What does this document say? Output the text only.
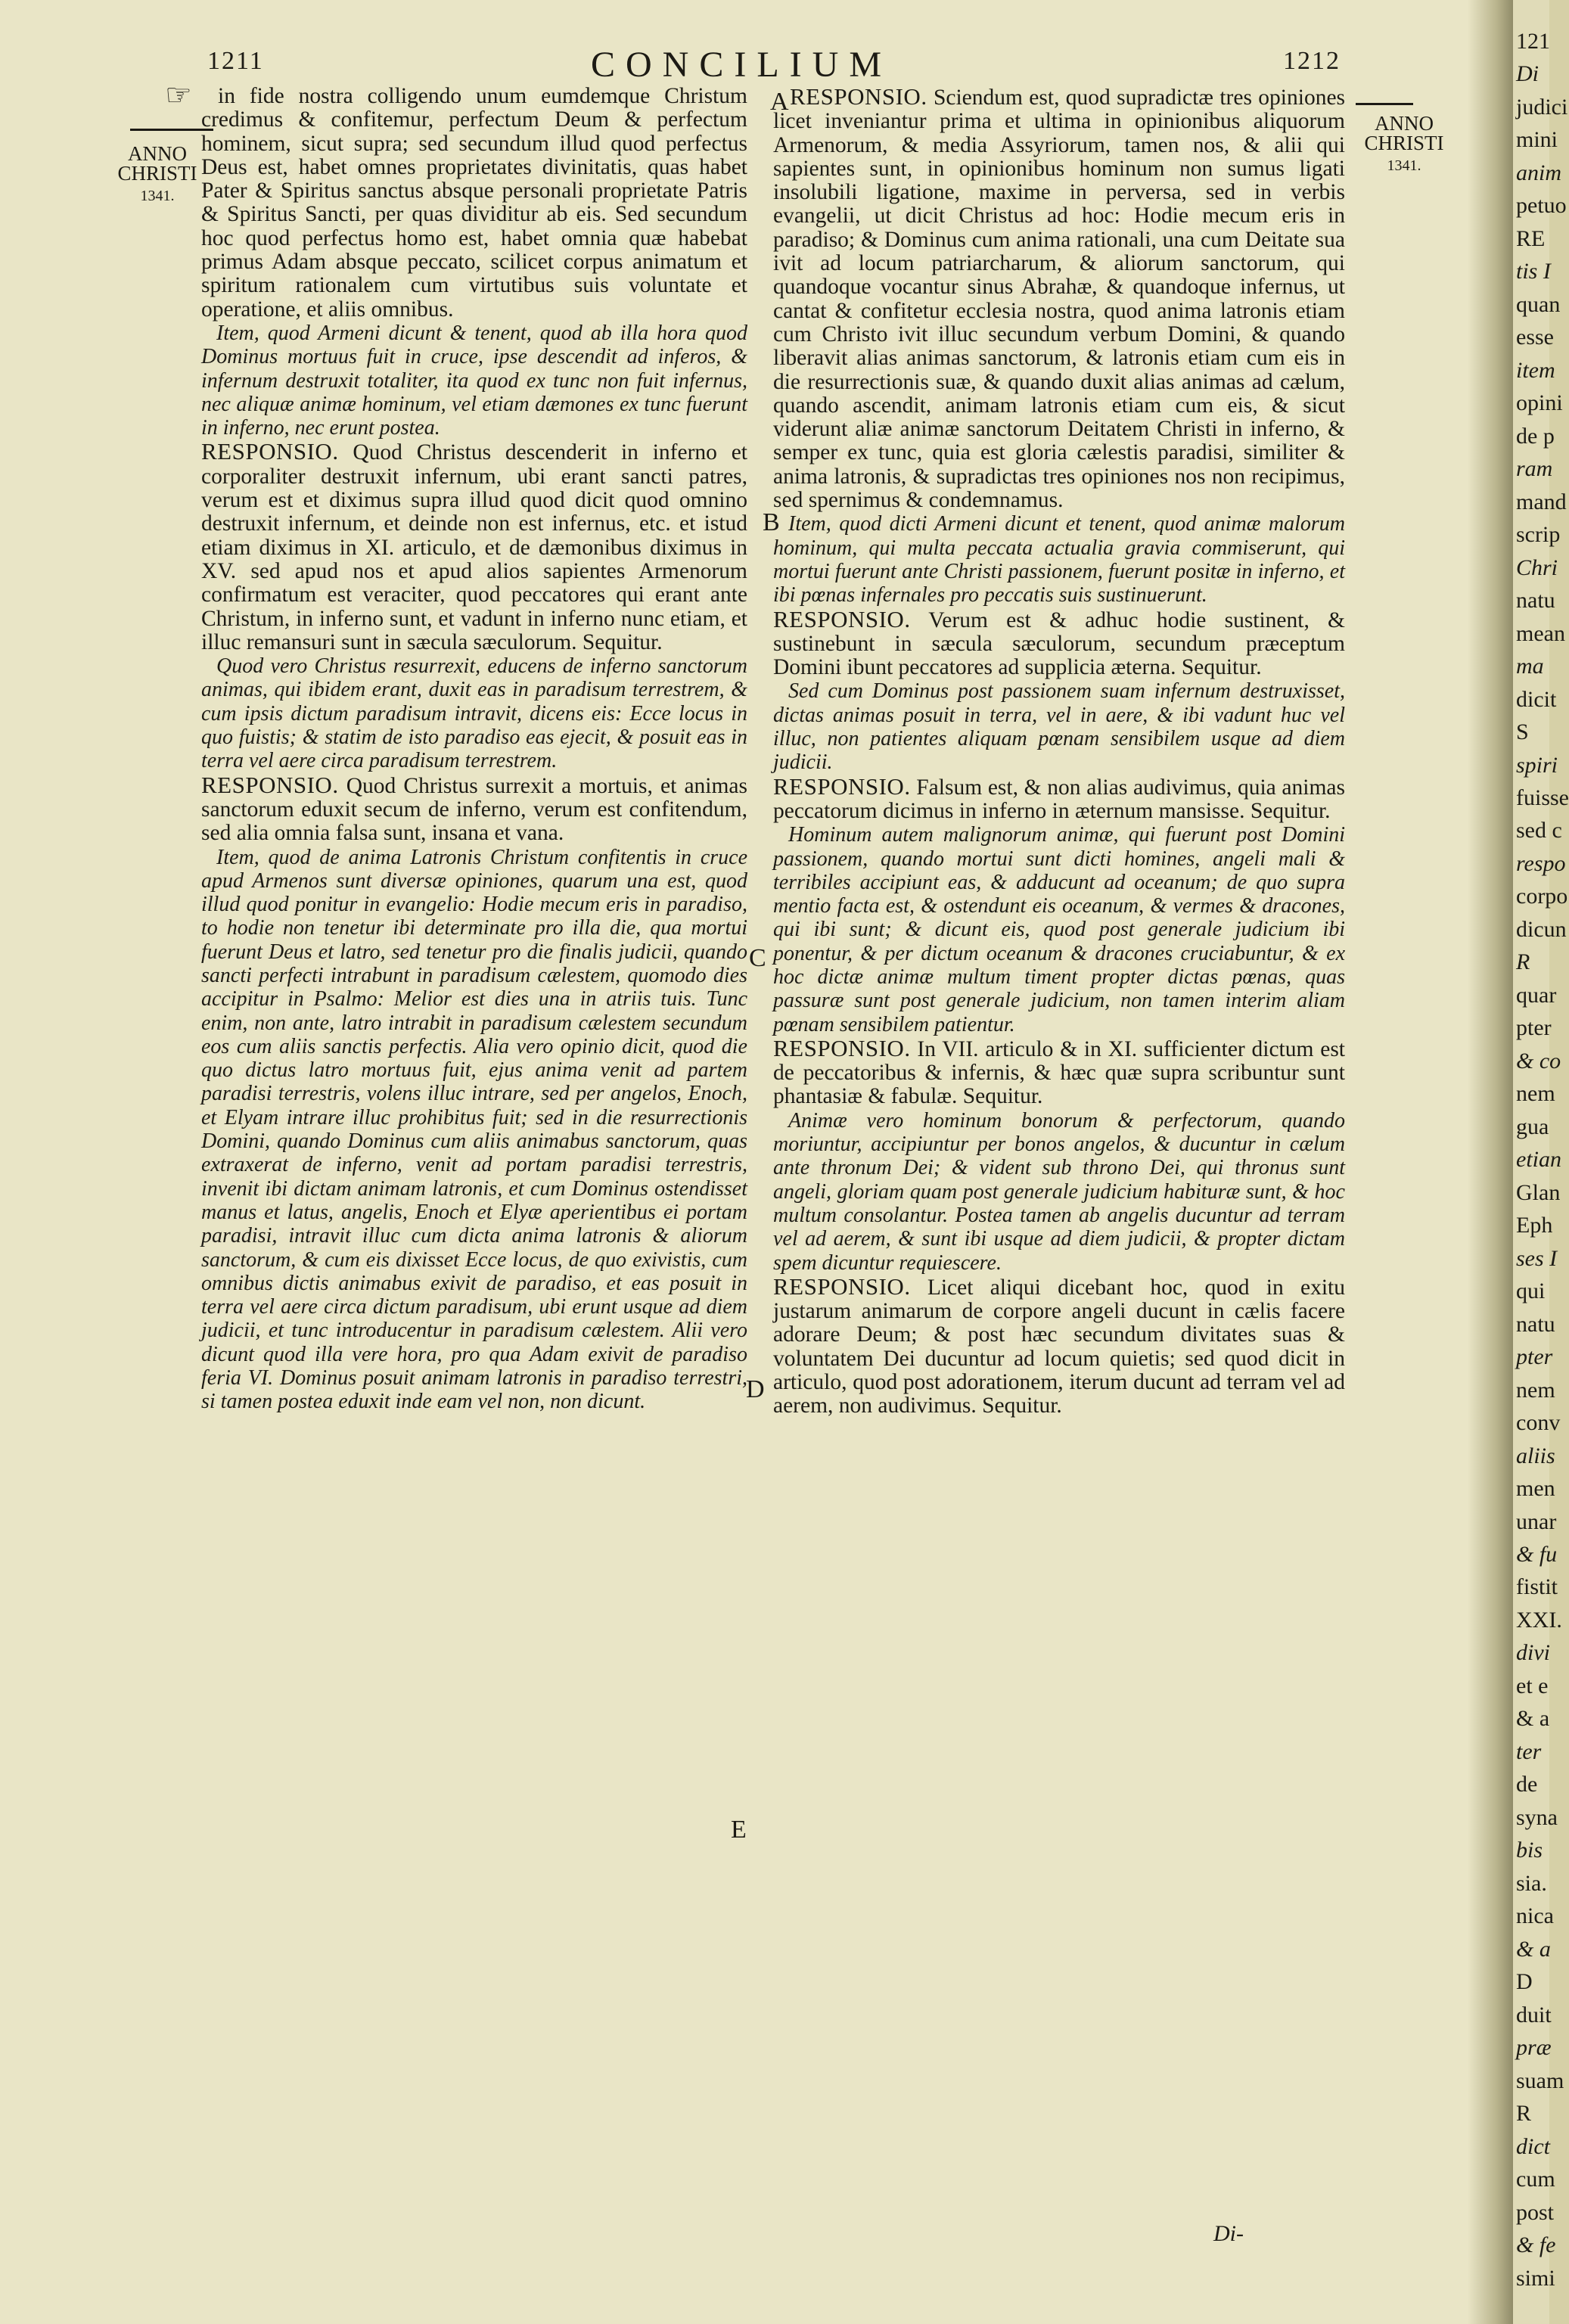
121
Di
judici
mini
anim
petuo
RE
tis I
quan
esse
item
opini
de p
ram
mand
scrip
Chri
natu
mean
ma
dicit
S
spiri
fuisse
sed c
respo
corpo
dicun
R
quar
pter
& co
nem
gua
etian
Glan
Eph
ses I
qui
natu
pter
nem
conv
aliis
men
unar
& fu
fistit
XXI.
divi
et e
& a
ter
de
syna
bis
sia.
nica
& a
D
duit
præ
suam
R
dict
cum
post
& fe
simi
1211	CONCILIUM	1212
☞
ANNO CHRISTI
1341.
ANNO CHRISTI
1341.
A
B
C
D
E

in fide nostra colligendo unum eumdemque Christum credimus & confitemur, perfectum Deum & perfectum hominem, sicut supra; sed secundum illud quod perfectus Deus est, habet omnes proprietates divinitatis, quas habet Pater & Spiritus sanctus absque personali proprietate Patris & Spiritus Sancti, per quas dividitur ab eis. Sed secundum hoc quod perfectus homo est, habet omnia quæ habebat primus Adam absque peccato, scilicet corpus animatum et spiritum rationalem cum virtutibus suis voluntate et operatione, et aliis omnibus.

Item, quod Armeni dicunt & tenent, quod ab illa hora quod Dominus mortuus fuit in cruce, ipse descendit ad inferos, & infernum destruxit totaliter, ita quod ex tunc non fuit infernus, nec aliquæ animæ hominum, vel etiam dæmones ex tunc fuerunt in inferno, nec erunt postea.

RESPONSIO. Quod Christus descenderit in inferno et corporaliter destruxit infernum, ubi erant sancti patres, verum est et diximus supra illud quod dicit quod omnino destruxit infernum, et deinde non est infernus, etc. et istud etiam diximus in XI. articulo, et de dæmonibus diximus in XV. sed apud nos et apud alios sapientes Armenorum confirmatum est veraciter, quod peccatores qui erant ante Christum, in inferno sunt, et vadunt in inferno nunc etiam, et illuc remansuri sunt in sæcula sæculorum. Sequitur.

Quod vero Christus resurrexit, educens de inferno sanctorum animas, qui ibidem erant, duxit eas in paradisum terrestrem, & cum ipsis dictum paradisum intravit, dicens eis: Ecce locus in quo fuistis; & statim de isto paradiso eas ejecit, & posuit eas in terra vel aere circa paradisum terrestrem.

RESPONSIO. Quod Christus surrexit a mortuis, et animas sanctorum eduxit secum de inferno, verum est confitendum, sed alia omnia falsa sunt, insana et vana.

Item, quod de anima Latronis Christum confitentis in cruce apud Armenos sunt diversæ opiniones, quarum una est, quod illud quod ponitur in evangelio: Hodie mecum eris in paradiso, to hodie non tenetur ibi determinate pro illa die, qua mortui fuerunt Deus et latro, sed tenetur pro die finalis judicii, quando sancti perfecti intrabunt in paradisum cælestem, quomodo dies accipitur in Psalmo: Melior est dies una in atriis tuis. Tunc enim, non ante, latro intrabit in paradisum cælestem secundum eos cum aliis sanctis perfectis. Alia vero opinio dicit, quod die quo dictus latro mortuus fuit, ejus anima venit ad partem paradisi terrestris, volens illuc intrare, sed per angelos, Enoch, et Elyam intrare illuc prohibitus fuit; sed in die resurrectionis Domini, quando Dominus cum aliis animabus sanctorum, quas extraxerat de inferno, venit ad portam paradisi terrestris, invenit ibi dictam animam latronis, et cum Dominus ostendisset manus et latus, angelis, Enoch et Elyæ aperientibus ei portam paradisi, intravit illuc cum dicta anima latronis & aliorum sanctorum, & cum eis dixisset Ecce locus, de quo exivistis, cum omnibus dictis animabus exivit de paradiso, et eas posuit in terra vel aere circa dictum paradisum, ubi erunt usque ad diem judicii, et tunc introducentur in paradisum cælestem. Alii vero dicunt quod illa vere hora, pro qua Adam exivit de paradiso feria VI. Dominus posuit animam latronis in paradiso terrestri, si tamen postea eduxit inde eam vel non, non dicunt.

RESPONSIO. Sciendum est, quod supradictæ tres opiniones licet inveniantur prima et ultima in opinionibus aliquorum Armenorum, & media Assyriorum, tamen nos, & alii qui sapientes sunt, in opinionibus hominum non sumus ligati insolubili ligatione, maxime in perversa, sed in verbis evangelii, ut dicit Christus ad hoc: Hodie mecum eris in paradiso; & Dominus cum anima rationali, una cum Deitate sua ivit ad locum patriarcharum, & aliorum sanctorum, qui quandoque vocantur sinus Abrahæ, & quandoque infernus, ut cantat & confitetur ecclesia nostra, quod anima latronis etiam cum Christo ivit illuc secundum verbum Domini, & quando liberavit alias animas sanctorum, & latronis etiam cum eis in die resurrectionis suæ, & quando duxit alias animas ad cælum, quando ascendit, animam latronis etiam cum eis, & sicut viderunt aliæ animæ sanctorum Deitatem Christi in inferno, & semper ex tunc, quia est gloria cælestis paradisi, similiter & anima latronis, & supradictas tres opiniones nos non recipimus, sed spernimus & condemnamus.

Item, quod dicti Armeni dicunt et tenent, quod animæ malorum hominum, qui multa peccata actualia gravia commiserunt, qui mortui fuerunt ante Christi passionem, fuerunt positæ in inferno, et ibi pœnas infernales pro peccatis suis sustinuerunt.

RESPONSIO. Verum est & adhuc hodie sustinent, & sustinebunt in sæcula sæculorum, secundum præceptum Domini ibunt peccatores ad supplicia æterna. Sequitur.

Sed cum Dominus post passionem suam infernum destruxisset, dictas animas posuit in terra, vel in aere, & ibi vadunt huc vel illuc, non patientes aliquam pœnam sensibilem usque ad diem judicii.

RESPONSIO. Falsum est, & non alias audivimus, quia animas peccatorum dicimus in inferno in æternum mansisse. Sequitur.

Hominum autem malignorum animæ, qui fuerunt post Domini passionem, quando mortui sunt dicti homines, angeli mali & terribiles accipiunt eas, & adducunt ad oceanum; de quo supra mentio facta est, & ostendunt eis oceanum, & vermes & dracones, qui ibi sunt; & dicunt eis, quod post generale judicium ibi ponentur, & per dictum oceanum & dracones cruciabuntur, & ex hoc dictæ animæ multum timent propter dictas pœnas, quas passuræ sunt post generale judicium, non tamen interim aliam pœnam sensibilem patientur.

RESPONSIO. In VII. articulo & in XI. sufficienter dictum est de peccatoribus & infernis, & hæc quæ supra scribuntur sunt phantasiæ & fabulæ. Sequitur.

Animæ vero hominum bonorum & perfectorum, quando moriuntur, accipiuntur per bonos angelos, & ducuntur in cælum ante thronum Dei; & vident sub throno Dei, qui thronus sunt angeli, gloriam quam post generale judicium habituræ sunt, & hoc multum consolantur. Postea tamen ab angelis ducuntur ad terram vel ad aerem, & sunt ibi usque ad diem judicii, & propter dictam spem dicuntur requiescere.

RESPONSIO. Licet aliqui dicebant hoc, quod in exitu justarum animarum de corpore angeli ducunt in cælis facere adorare Deum; & post hæc secundum divitates suas & voluntatem Dei ducuntur ad locum quietis; sed quod dicit in articulo, quod post adorationem, iterum ducunt ad terram vel ad aerem, non audivimus. Sequitur.

Di-
